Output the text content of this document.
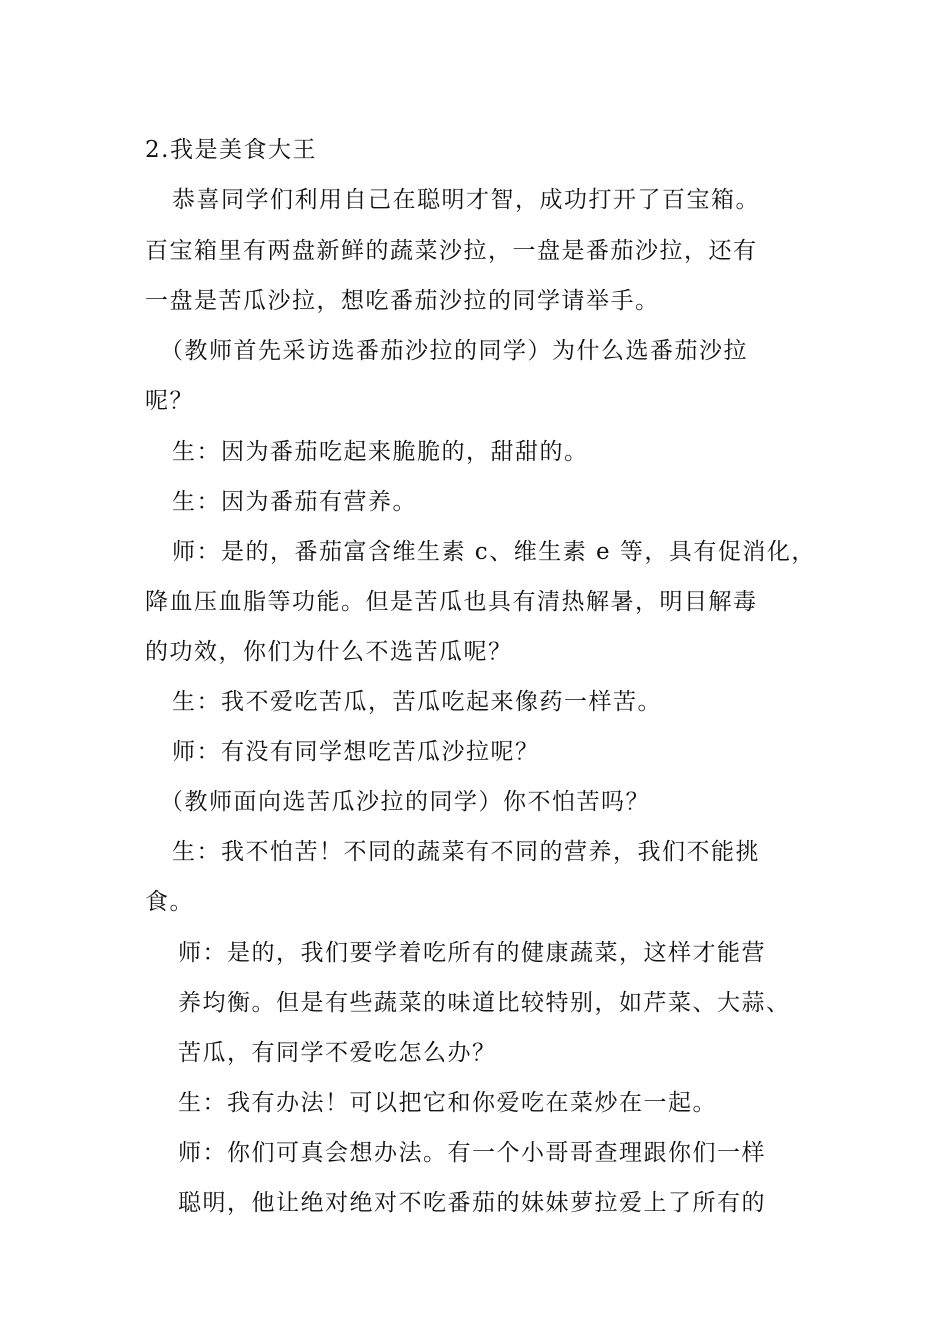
2.我是美食大王
恭喜同学们利用自己在聪明才智，成功打开了百宝箱。
百宝箱里有两盘新鲜的蔬菜沙拉，一盘是番茄沙拉，还有
一盘是苦瓜沙拉，想吃番茄沙拉的同学请举手。
（教师首先采访选番茄沙拉的同学）为什么选番茄沙拉
呢？
生：因为番茄吃起来脆脆的，甜甜的。
生：因为番茄有营养。
师：是的，番茄富含维生素 c、维生素 e 等，具有促消化，
降血压血脂等功能。但是苦瓜也具有清热解暑，明目解毒
的功效，你们为什么不选苦瓜呢？
生：我不爱吃苦瓜，苦瓜吃起来像药一样苦。
师：有没有同学想吃苦瓜沙拉呢？
（教师面向选苦瓜沙拉的同学）你不怕苦吗？
生：我不怕苦！不同的蔬菜有不同的营养，我们不能挑
食。
师：是的，我们要学着吃所有的健康蔬菜，这样才能营
养均衡。但是有些蔬菜的味道比较特别，如芹菜、大蒜、
苦瓜，有同学不爱吃怎么办？
生：我有办法！可以把它和你爱吃在菜炒在一起。
师：你们可真会想办法。有一个小哥哥查理跟你们一样
聪明，他让绝对绝对不吃番茄的妹妹萝拉爱上了所有的
